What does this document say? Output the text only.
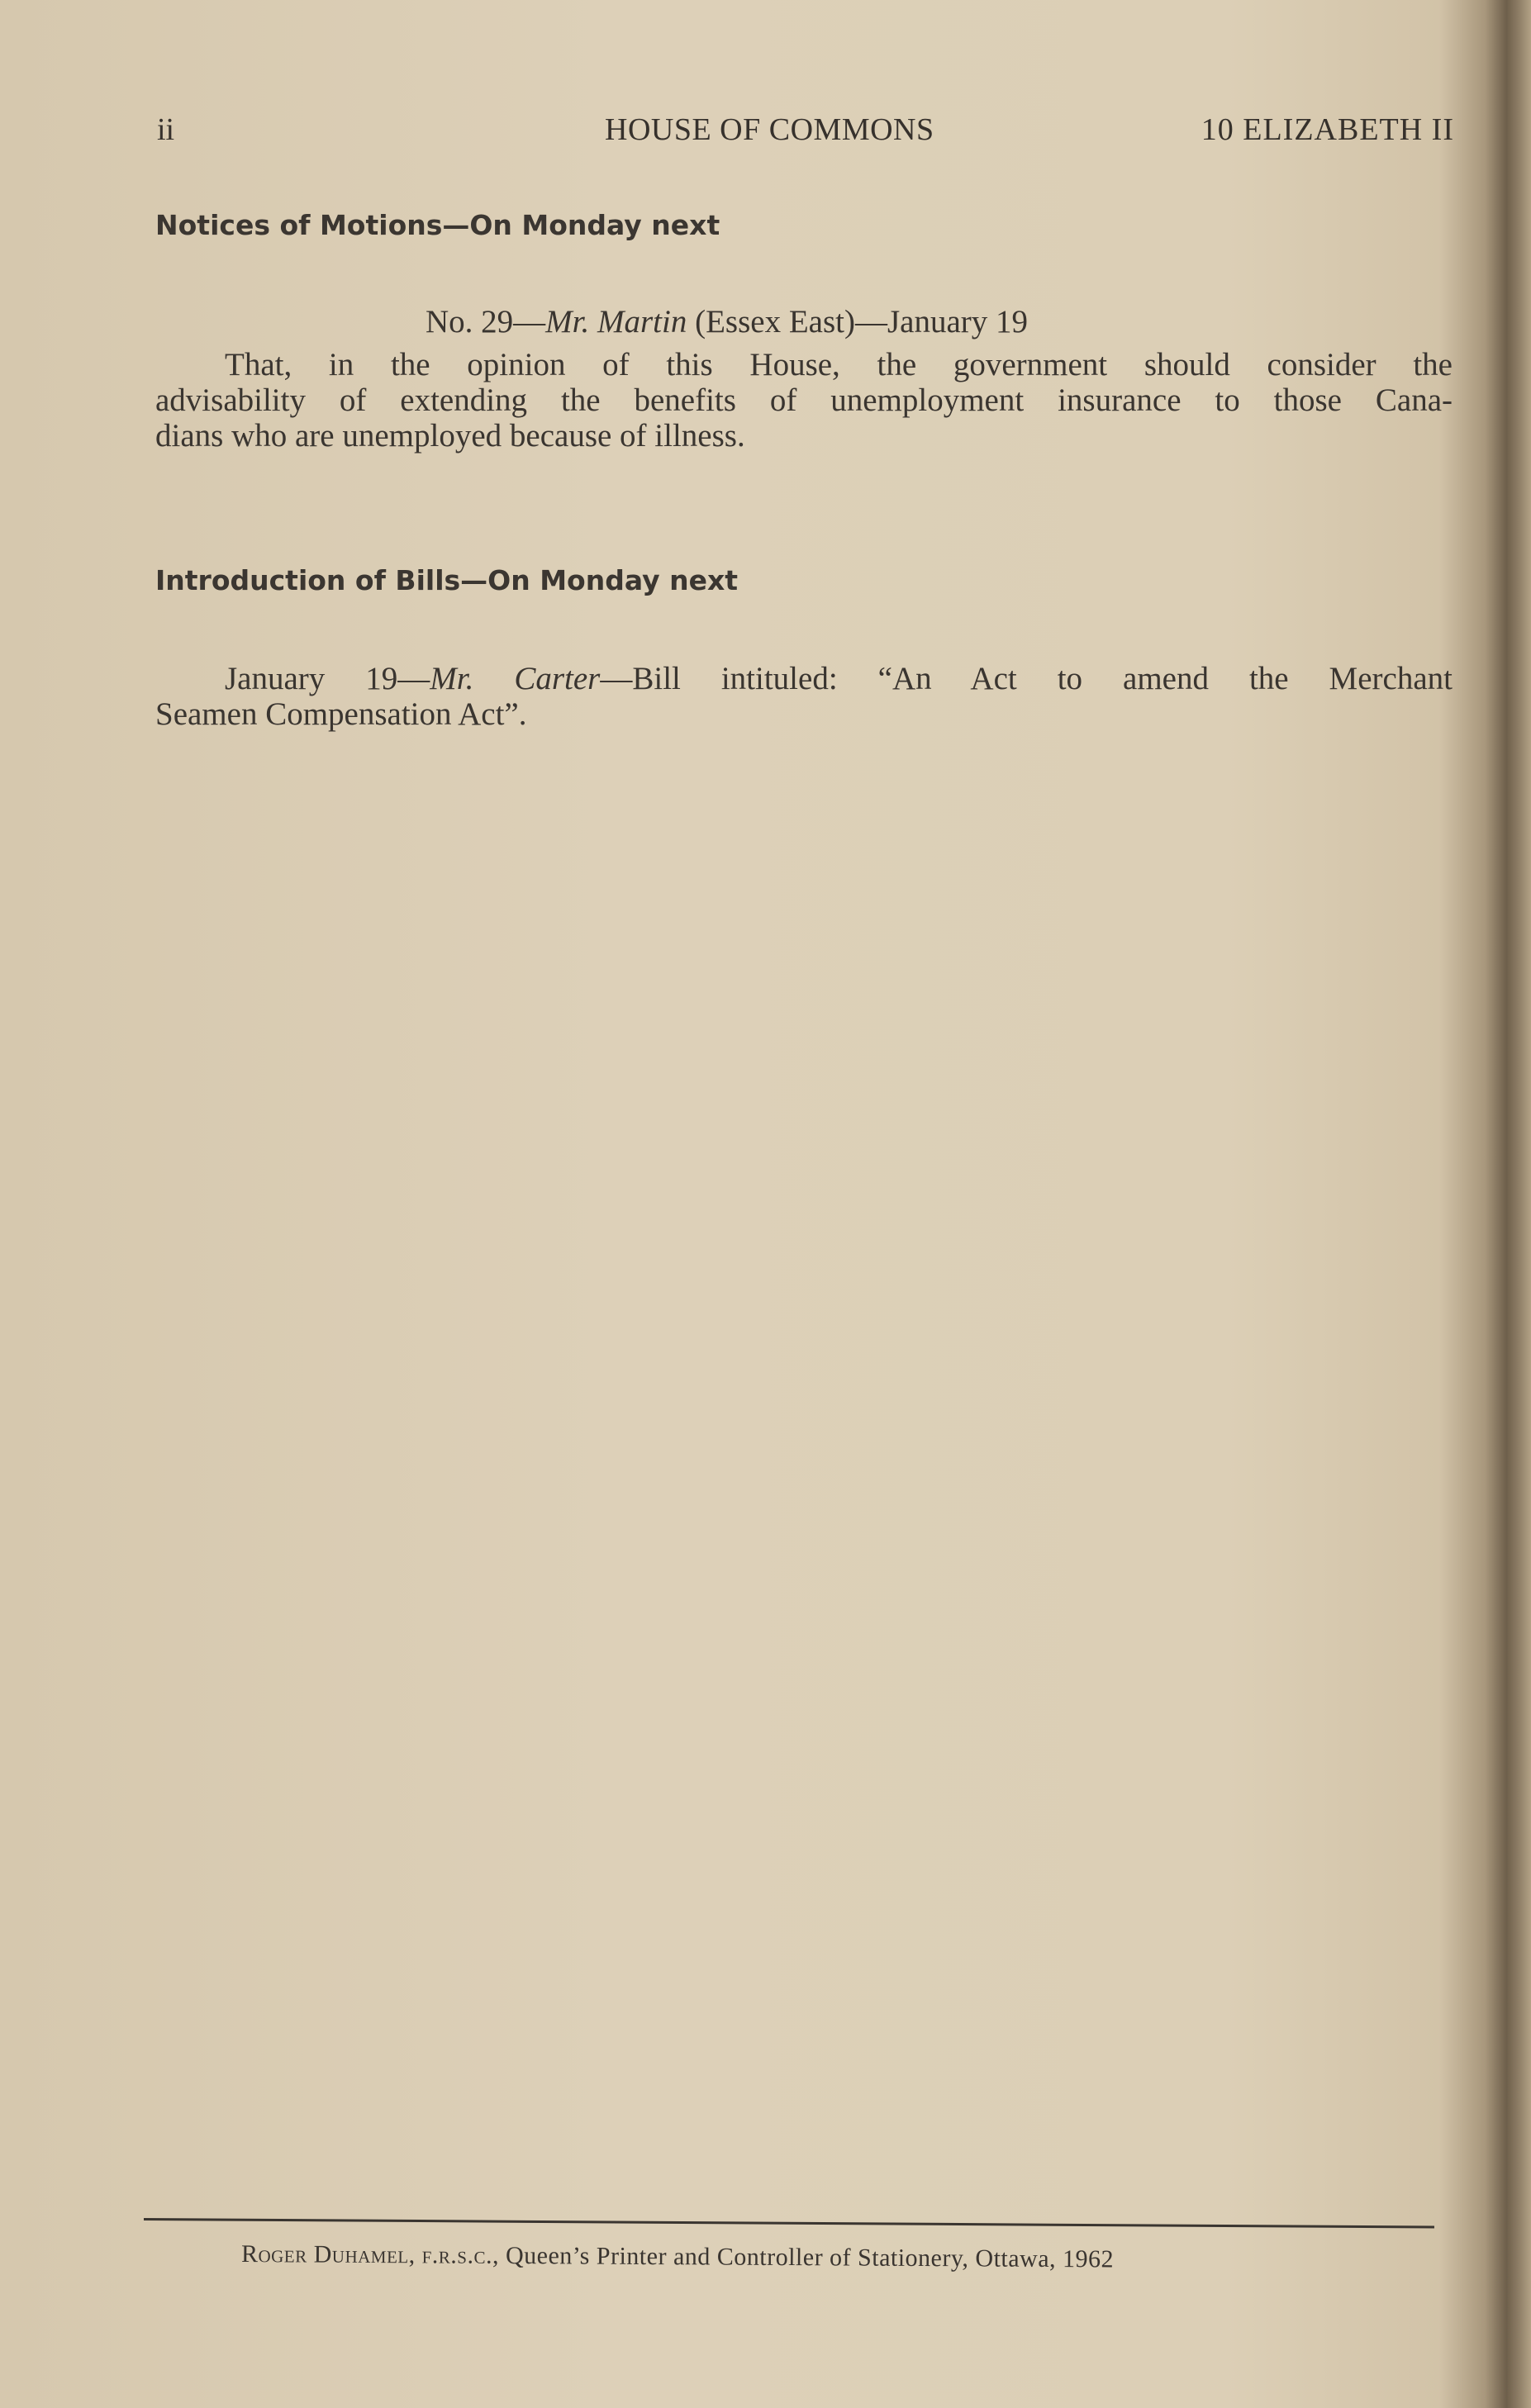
ii	HOUSE OF COMMONS	10 ELIZABETH II
Notices of Motions—On Monday next
No. 29—Mr. Martin (Essex East)—January 19
That, in the opinion of this House, the government should consider the
advisability of extending the benefits of unemployment insurance to those Cana-
dians who are unemployed because of illness.
Introduction of Bills—On Monday next
January 19—Mr. Carter—Bill intituled: “An Act to amend the Merchant
Seamen Compensation Act”.
Roger Duhamel, f.r.s.c., Queen’s Printer and Controller of Stationery, Ottawa, 1962
